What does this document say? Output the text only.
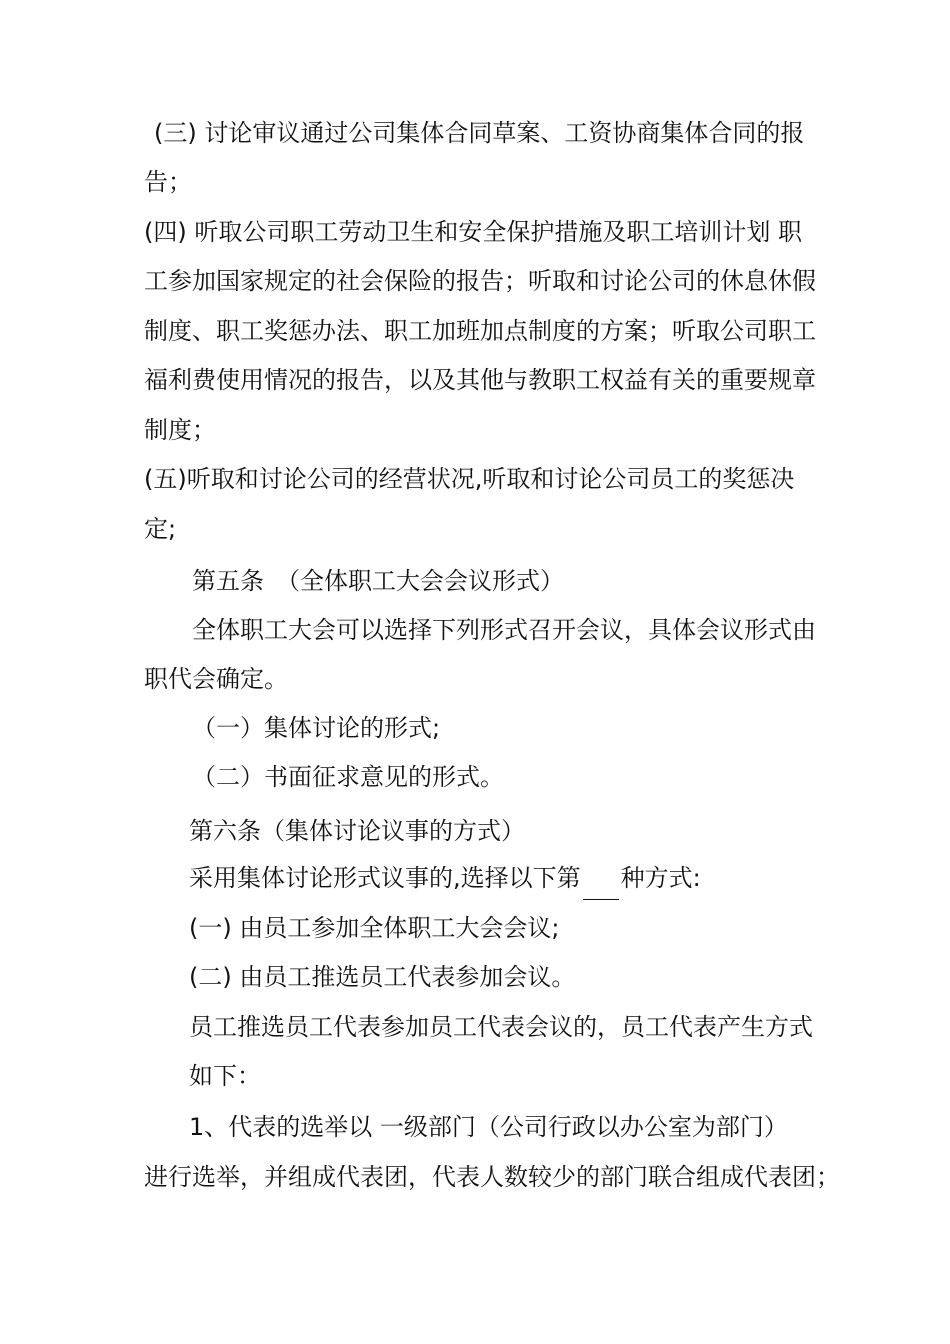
(三) 讨论审议通过公司集体合同草案、工资协商集体合同的报
告；
(四) 听取公司职工劳动卫生和安全保护措施及职工培训计划 职
工参加国家规定的社会保险的报告；听取和讨论公司的休息休假
制度、职工奖惩办法、职工加班加点制度的方案；听取公司职工
福利费使用情况的报告，以及其他与教职工权益有关的重要规章
制度；
(五)听取和讨论公司的经营状况,听取和讨论公司员工的奖惩决
定;
第五条　（全体职工大会会议形式）
全体职工大会可以选择下列形式召开会议，具体会议形式由
职代会确定。
（一）集体讨论的形式;
（二）书面征求意见的形式。
第六条（集体讨论议事的方式）
采用集体讨论形式议事的,选择以下第 种方式:
(一) 由员工参加全体职工大会会议;
(二) 由员工推选员工代表参加会议。
员工推选员工代表参加员工代表会议的，员工代表产生方式
如下：
1、代表的选举以 一级部门（公司行政以办公室为部门）
进行选举，并组成代表团，代表人数较少的部门联合组成代表团；
